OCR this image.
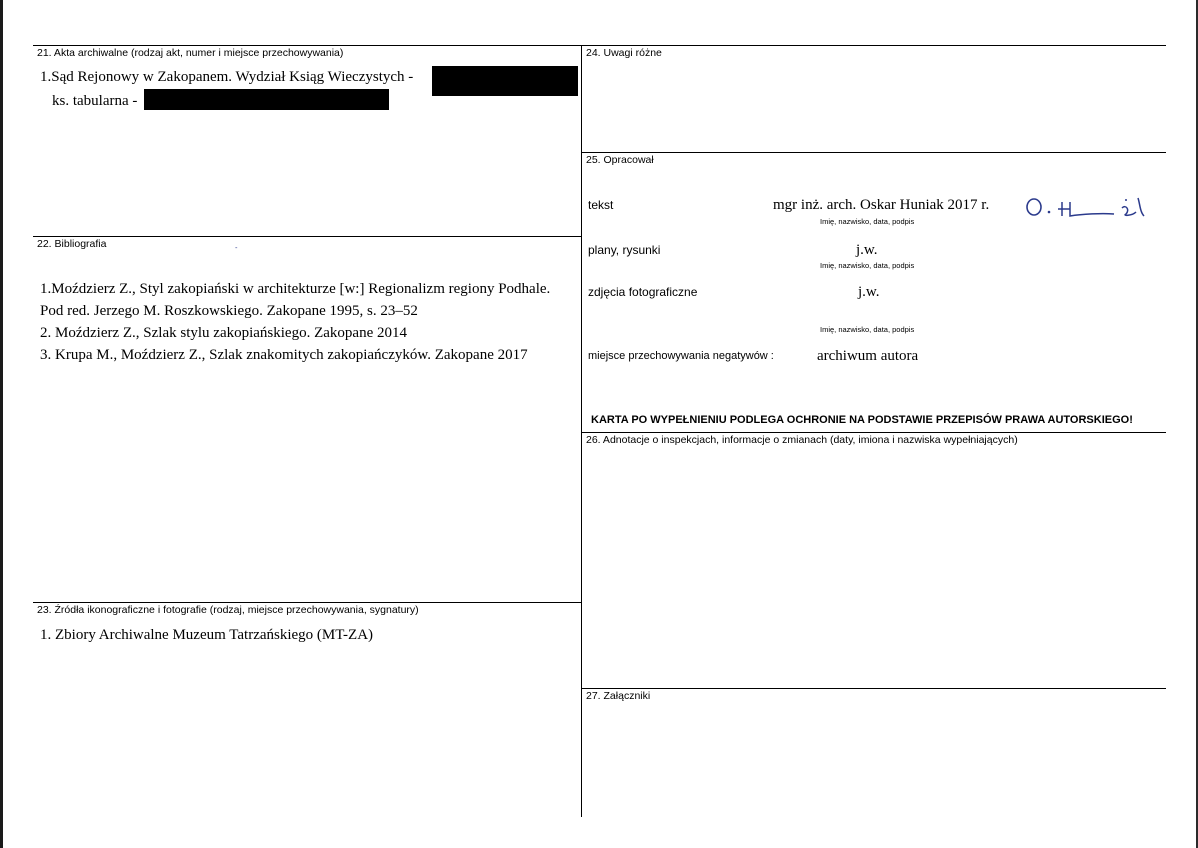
21. Akta archiwalne (rodzaj akt, numer i miejsce przechowywania)
1.Sąd Rejonowy w Zakopanem. Wydział Ksiąg Wieczystych -
ks. tabularna -
22. Bibliografia	-

1.Moździerz Z., Styl zakopiański w architekturze [w:] Regionalizm regiony Podhale. Pod red. Jerzego M. Roszkowskiego. Zakopane 1995, s. 23–52

2. Moździerz Z., Szlak stylu zakopiańskiego. Zakopane 2014

3. Krupa M., Moździerz Z., Szlak znakomitych zakopiańczyków. Zakopane 2017

23. Źródła ikonograficzne i fotografie (rodzaj, miejsce przechowywania, sygnatury)
1. Zbiory Archiwalne Muzeum Tatrzańskiego (MT-ZA)
24. Uwagi różne
25. Opracował
tekst	mgr inż. arch. Oskar Huniak 2017 r.
Imię, nazwisko, data, podpis
plany, rysunki	j.w.
Imię, nazwisko, data, podpis
zdjęcia fotograficzne	j.w.
Imię, nazwisko, data, podpis
miejsce przechowywania negatywów :	archiwum autora
KARTA PO WYPEŁNIENIU PODLEGA OCHRONIE NA PODSTAWIE PRZEPISÓW PRAWA AUTORSKIEGO!
26. Adnotacje o inspekcjach, informacje o zmianach (daty, imiona i nazwiska wypełniających)
27. Załączniki
